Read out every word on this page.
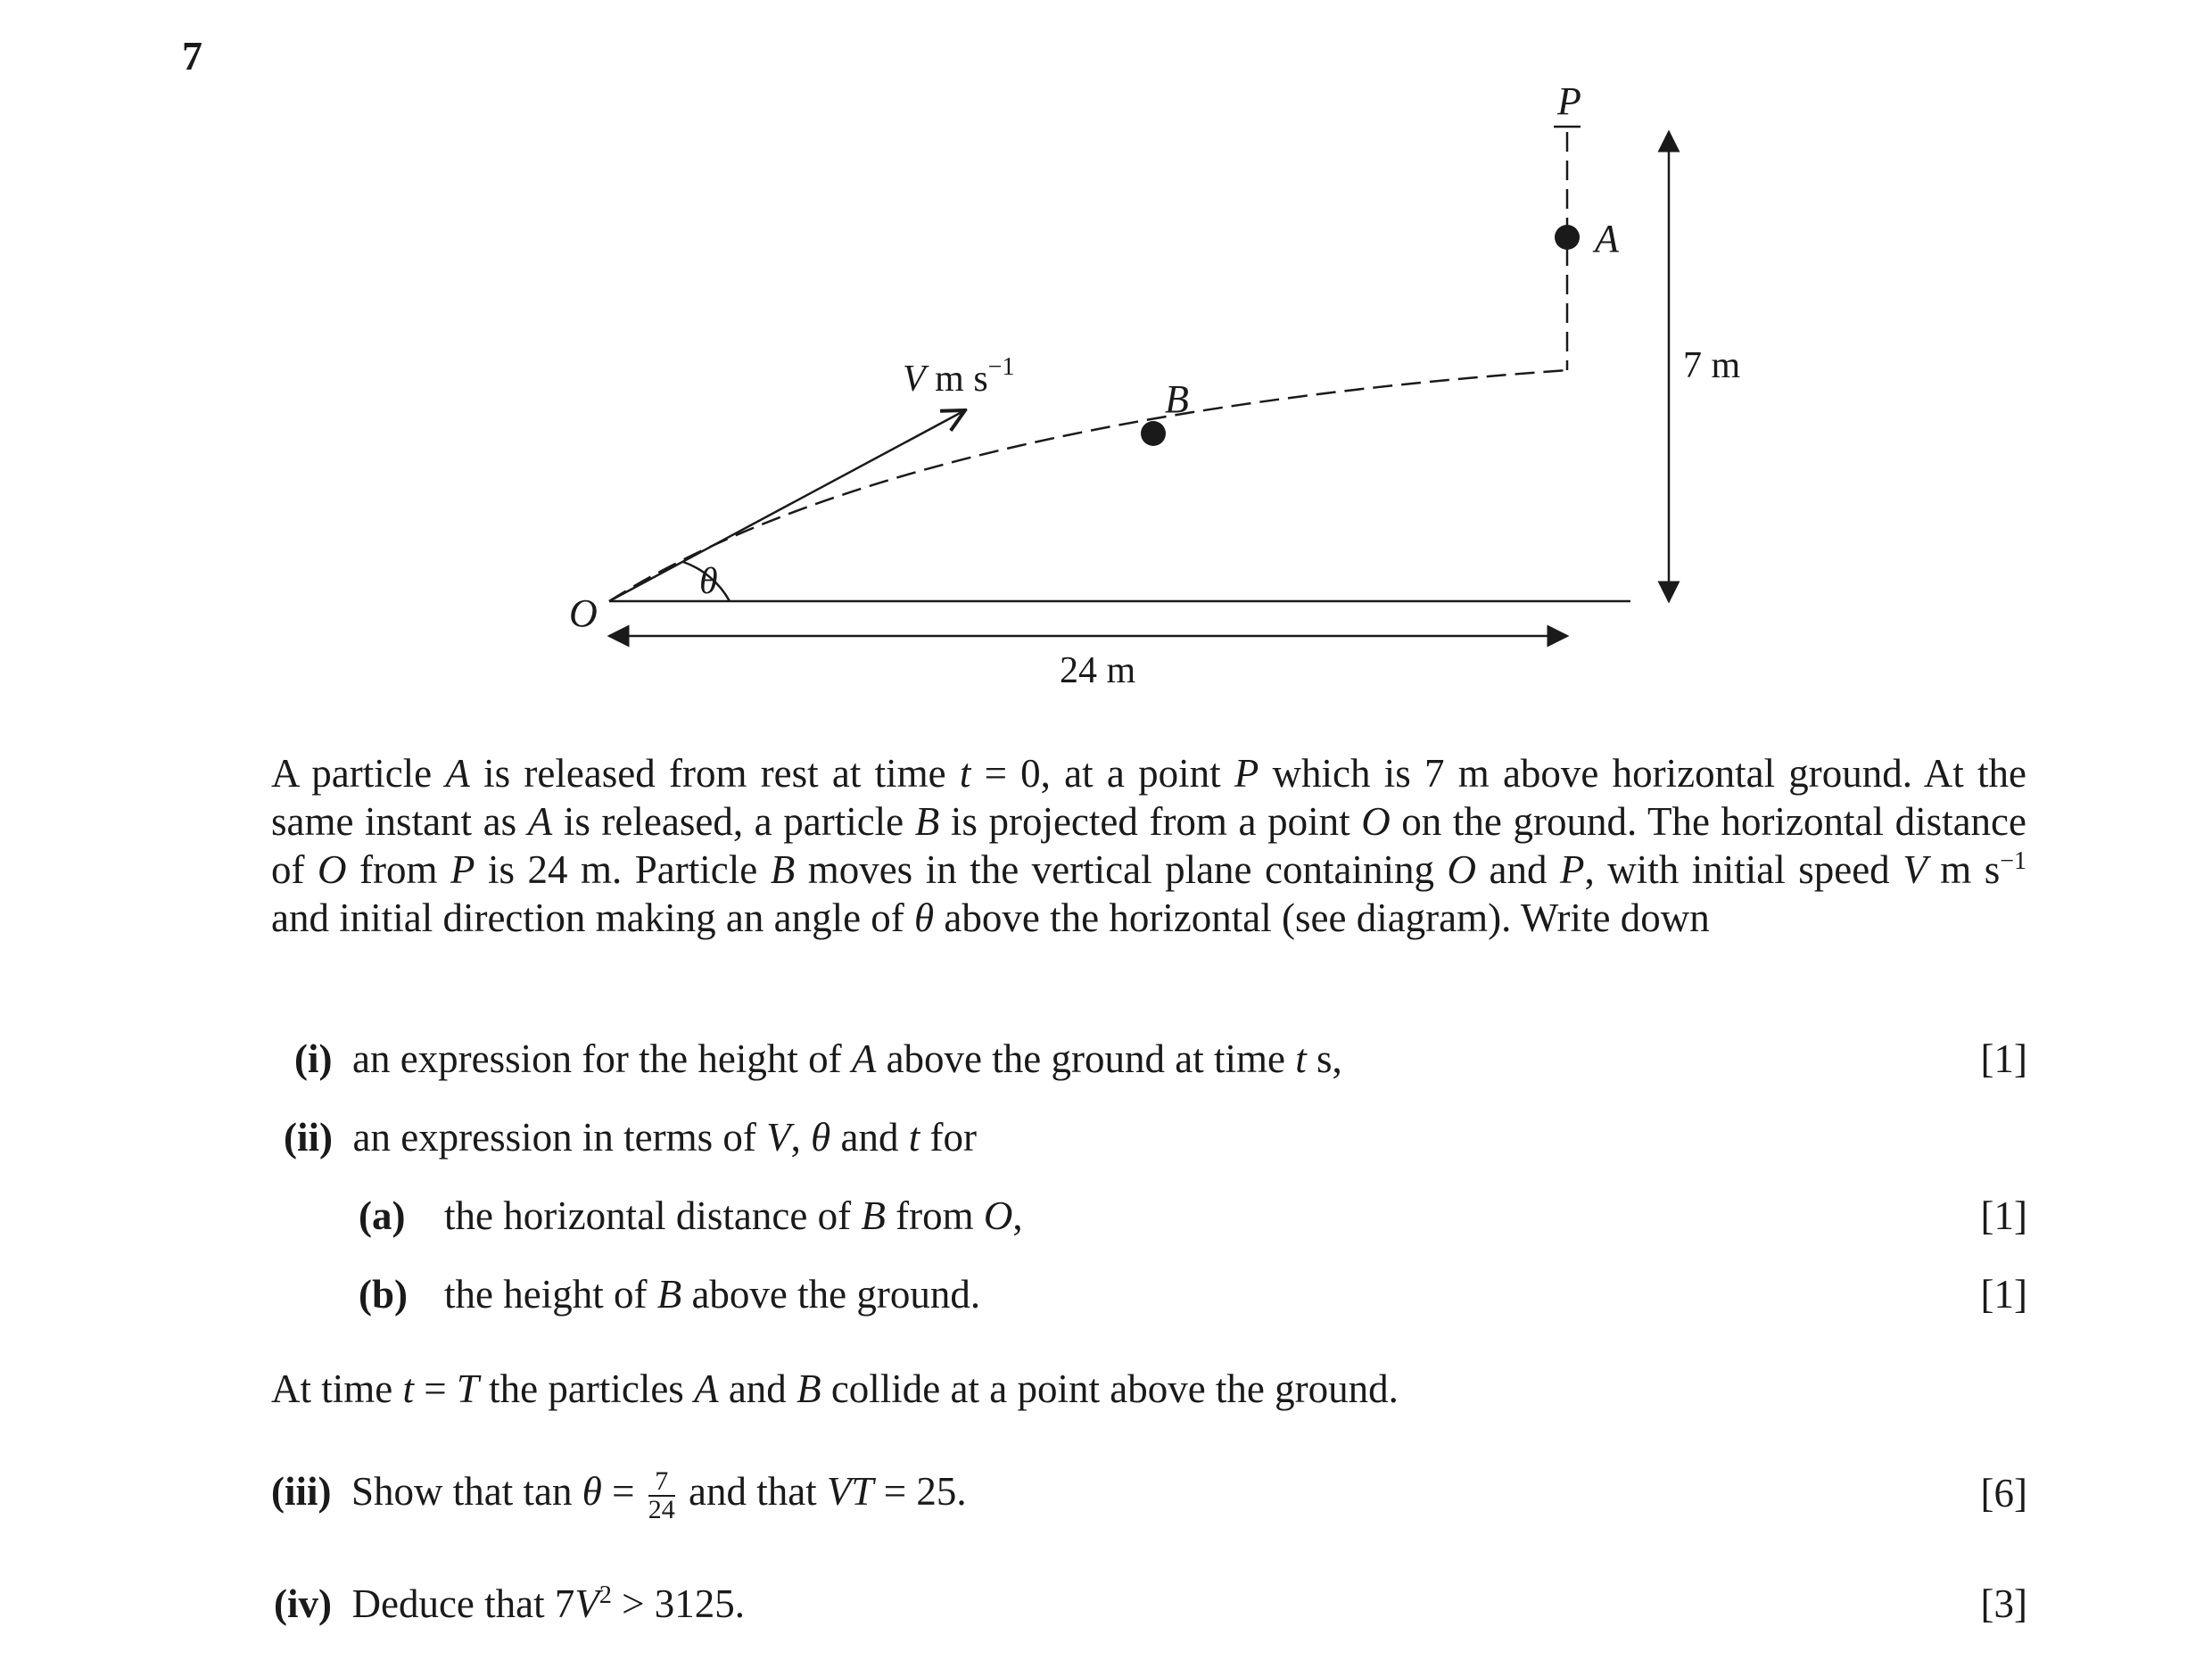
7
P
A
B
O
θ
V m $s^{-1}$	7 m
24 m
A particle A is released from rest at time t = 0, at a point P which is 7 m above horizontal ground. At the same instant as A is released, a particle B is projected from a point O on the ground. The horizontal distance of O from P is 24 m. Particle B moves in the vertical plane containing O and P, with initial speed V m $s^{-1}$ and initial direction making an angle of θ above the horizontal (see diagram). Write down
(i) an expression for the height of A above the ground at time t s,	[1]
(ii) an expression in terms of V, θ and t for
(a) the horizontal distance of B from O,	[1]
(b) the height of B above the ground.	[1]
At time t = T the particles A and B collide at a point above the ground.
(iii) Show that $\tan \theta = \frac{7}{24}$ and that VT = 25.	[6]
(iv) Deduce that $7V^2 > 3125$.	[3]
